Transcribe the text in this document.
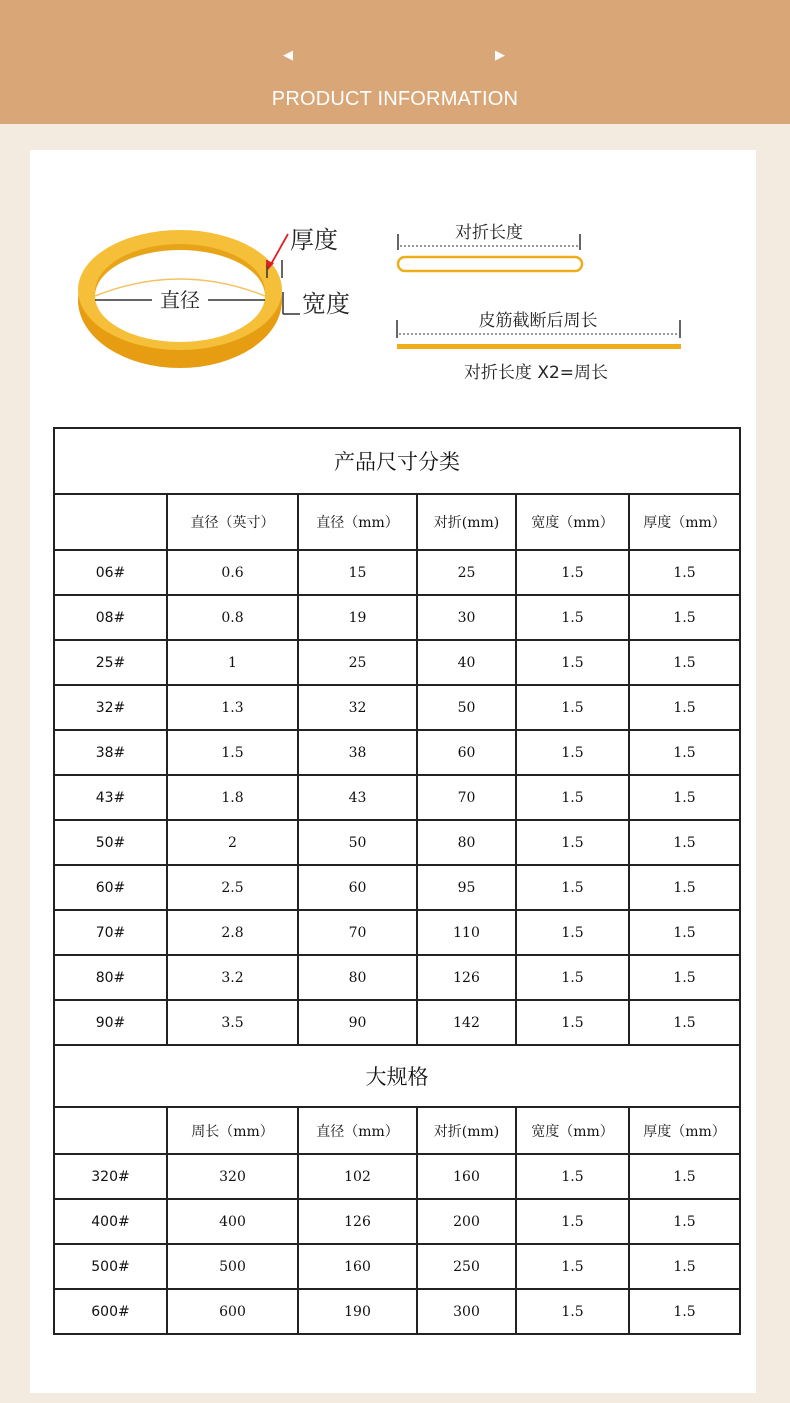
◀	▶
PRODUCT INFORMATION
直径
厚度
宽度
对折长度
皮筋截断后周长
对折长度 X2=周长
产品尺寸分类					
	直径（英寸）	直径（mm）	对折(mm)	宽度（mm）	厚度（mm）
06#	0.6	15	25	1.5	1.5
08#	0.8	19	30	1.5	1.5
25#	1	25	40	1.5	1.5
32#	1.3	32	50	1.5	1.5
38#	1.5	38	60	1.5	1.5
43#	1.8	43	70	1.5	1.5
50#	2	50	80	1.5	1.5
60#	2.5	60	95	1.5	1.5
70#	2.8	70	110	1.5	1.5
80#	3.2	80	126	1.5	1.5
90#	3.5	90	142	1.5	1.5
大规格					
	周长（mm）	直径（mm）	对折(mm)	宽度（mm）	厚度（mm）
320#	320	102	160	1.5	1.5
400#	400	126	200	1.5	1.5
500#	500	160	250	1.5	1.5
600#	600	190	300	1.5	1.5
